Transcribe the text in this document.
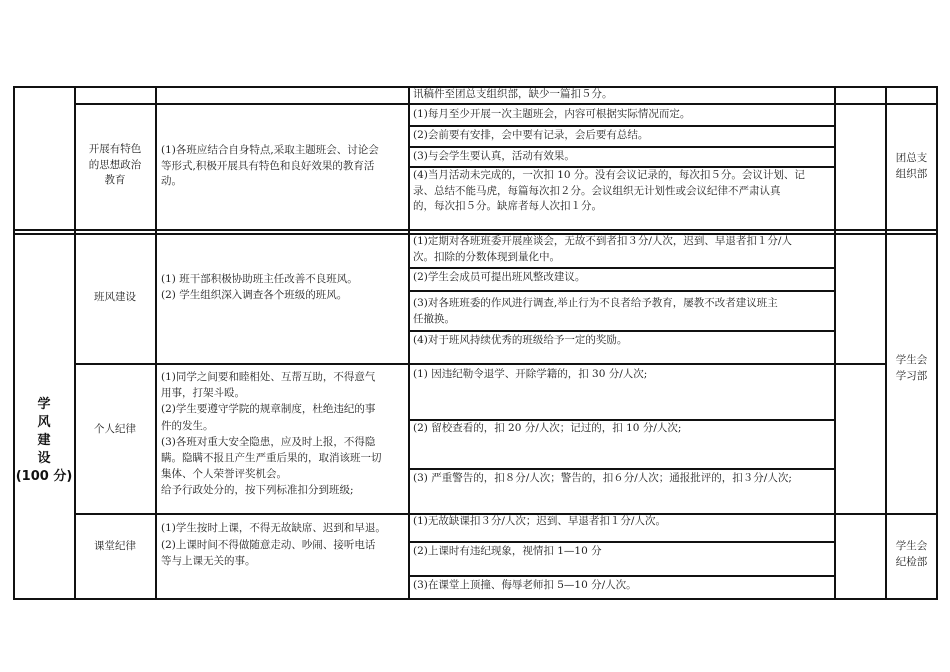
讯稿件至团总支组织部，缺少一篇扣５分。
开展有特色
的思想政治
教育
(1)各班应结合自身特点,采取主题班会、讨论会
等形式,积极开展具有特色和良好效果的教育活
动。
(1)每月至少开展一次主题班会，内容可根据实际情况而定。
(2)会前要有安排，会中要有记录，会后要有总结。
(3)与会学生要认真，活动有效果。
(4)当月活动未完成的，一次扣 10 分。没有会议记录的，每次扣５分。会议计划、记
录、总结不能马虎，每篇每次扣２分。会议组织无计划性或会议纪律不严肃认真
的，每次扣５分。缺席者每人次扣１分。
团总支
组织部
学
风
建
设
(100 分)
班风建设
(1) 班干部积极协助班主任改善不良班风。
(2) 学生组织深入调查各个班级的班风。
(1)定期对各班班委开展座谈会，无故不到者扣３分/人次，迟到、早退者扣１分/人
次。扣除的分数体现到量化中。
(2)学生会成员可提出班风整改建议。
(3)对各班班委的作风进行调查,举止行为不良者给予教育，屡教不改者建议班主
任撤换。
(4)对于班风持续优秀的班级给予一定的奖励。
学生会
学习部
个人纪律
(1)同学之间要和睦相处、互帮互助，不得意气
用事，打架斗殴。
(2)学生要遵守学院的规章制度，杜绝违纪的事
件的发生。
(3)各班对重大安全隐患，应及时上报，不得隐
瞒。隐瞒不报且产生严重后果的，取消该班一切
集体、个人荣誉评奖机会。
给予行政处分的，按下列标准扣分到班级;
(1) 因违纪勒令退学、开除学籍的，扣 30 分/人次;
(2) 留校查看的，扣 20 分/人次；记过的，扣 10 分/人次;
(3) 严重警告的，扣８分/人次；警告的，扣６分/人次；通报批评的，扣３分/人次;
课堂纪律
(1)学生按时上课，不得无故缺席、迟到和早退。
(2)上课时间不得做随意走动、吵闹、接听电话
等与上课无关的事。
(1)无故缺课扣３分/人次；迟到、早退者扣１分/人次。
(2)上课时有违纪现象，视情扣 1—10 分
(3)在课堂上顶撞、侮辱老师扣 5—10 分/人次。
学生会
纪检部
